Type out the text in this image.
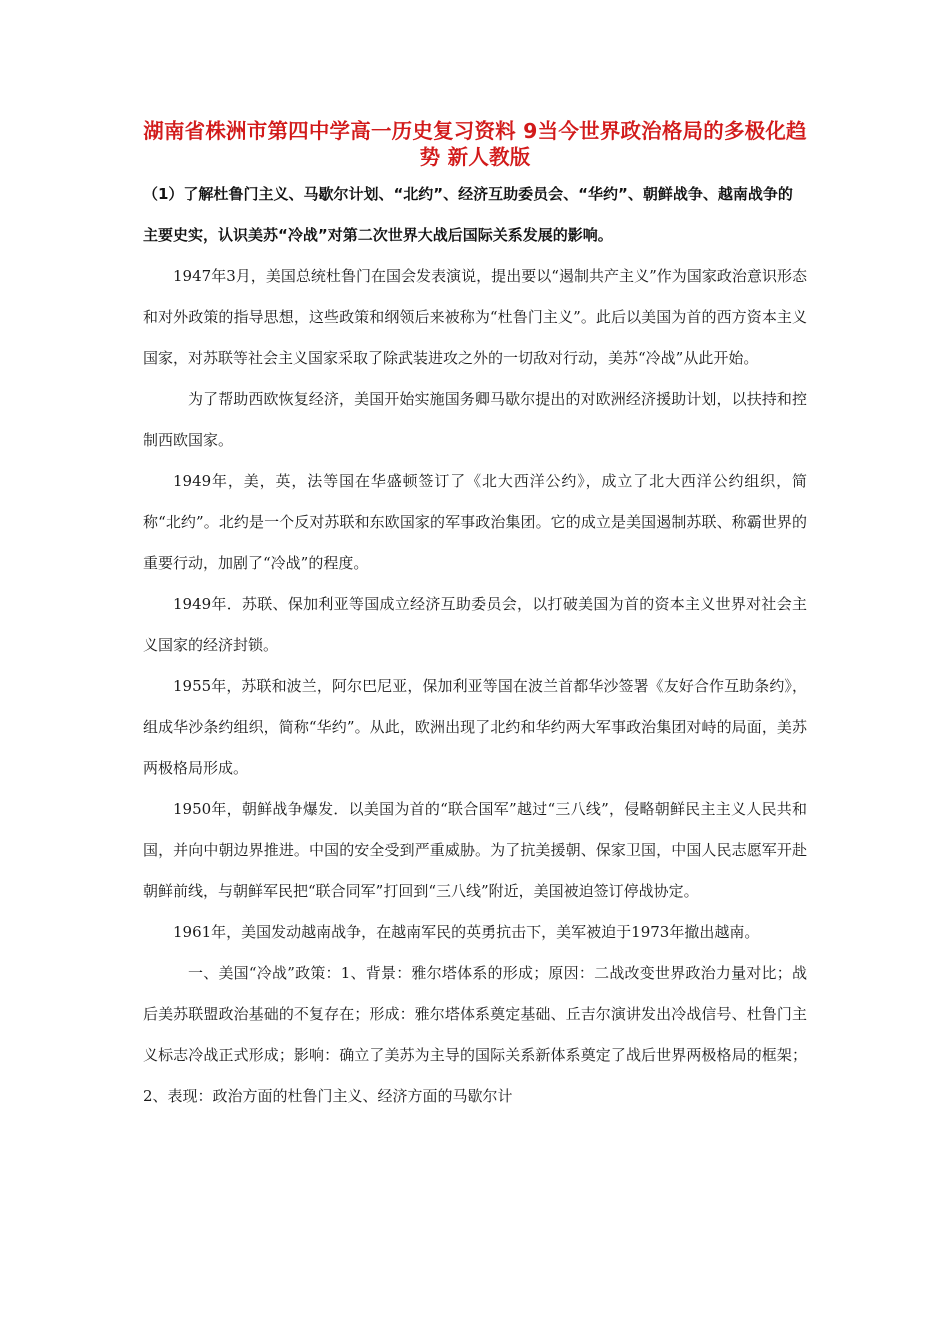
湖南省株洲市第四中学高一历史复习资料 9当今世界政治格局的多极化趋势 新人教版

（1）了解杜鲁门主义、马歇尔计划、“北约”、经济互助委员会、“华约”、朝鲜战争、越南战争的主要史实，认识美苏“冷战”对第二次世界大战后国际关系发展的影响。

1947年3月，美国总统杜鲁门在国会发表演说，提出要以“遏制共产主义”作为国家政治意识形态和对外政策的指导思想，这些政策和纲领后来被称为“杜鲁门主义”。此后以美国为首的西方资本主义国家，对苏联等社会主义国家采取了除武装进攻之外的一切敌对行动，美苏“冷战”从此开始。

为了帮助西欧恢复经济，美国开始实施国务卿马歇尔提出的对欧洲经济援助计划，以扶持和控制西欧国家。

1949年，美，英，法等国在华盛顿签订了《北大西洋公约》，成立了北大西洋公约组织，简称“北约”。北约是一个反对苏联和东欧国家的军事政治集团。它的成立是美国遏制苏联、称霸世界的重要行动，加剧了“冷战”的程度。

1949年．苏联、保加利亚等国成立经济互助委员会，以打破美国为首的资本主义世界对社会主义国家的经济封锁。

1955年，苏联和波兰，阿尔巴尼亚，保加利亚等国在波兰首都华沙签署《友好合作互助条约》，组成华沙条约组织，简称“华约”。从此，欧洲出现了北约和华约两大军事政治集团对峙的局面，美苏两极格局形成。

1950年，朝鲜战争爆发．以美国为首的“联合国军”越过“三八线”，侵略朝鲜民主主义人民共和国，并向中朝边界推进。中国的安全受到严重威胁。为了抗美援朝、保家卫国，中国人民志愿军开赴朝鲜前线，与朝鲜军民把“联合同军”打回到“三八线”附近，美国被迫签订停战协定。

1961年，美国发动越南战争，在越南军民的英勇抗击下，美军被迫于1973年撤出越南。

一、美国“冷战”政策：1、背景：雅尔塔体系的形成；原因：二战改变世界政治力量对比；战后美苏联盟政治基础的不复存在；形成：雅尔塔体系奠定基础、丘吉尔演讲发出冷战信号、杜鲁门主义标志冷战正式形成；影响：确立了美苏为主导的国际关系新体系奠定了战后世界两极格局的框架；2、表现：政治方面的杜鲁门主义、经济方面的马歇尔计
